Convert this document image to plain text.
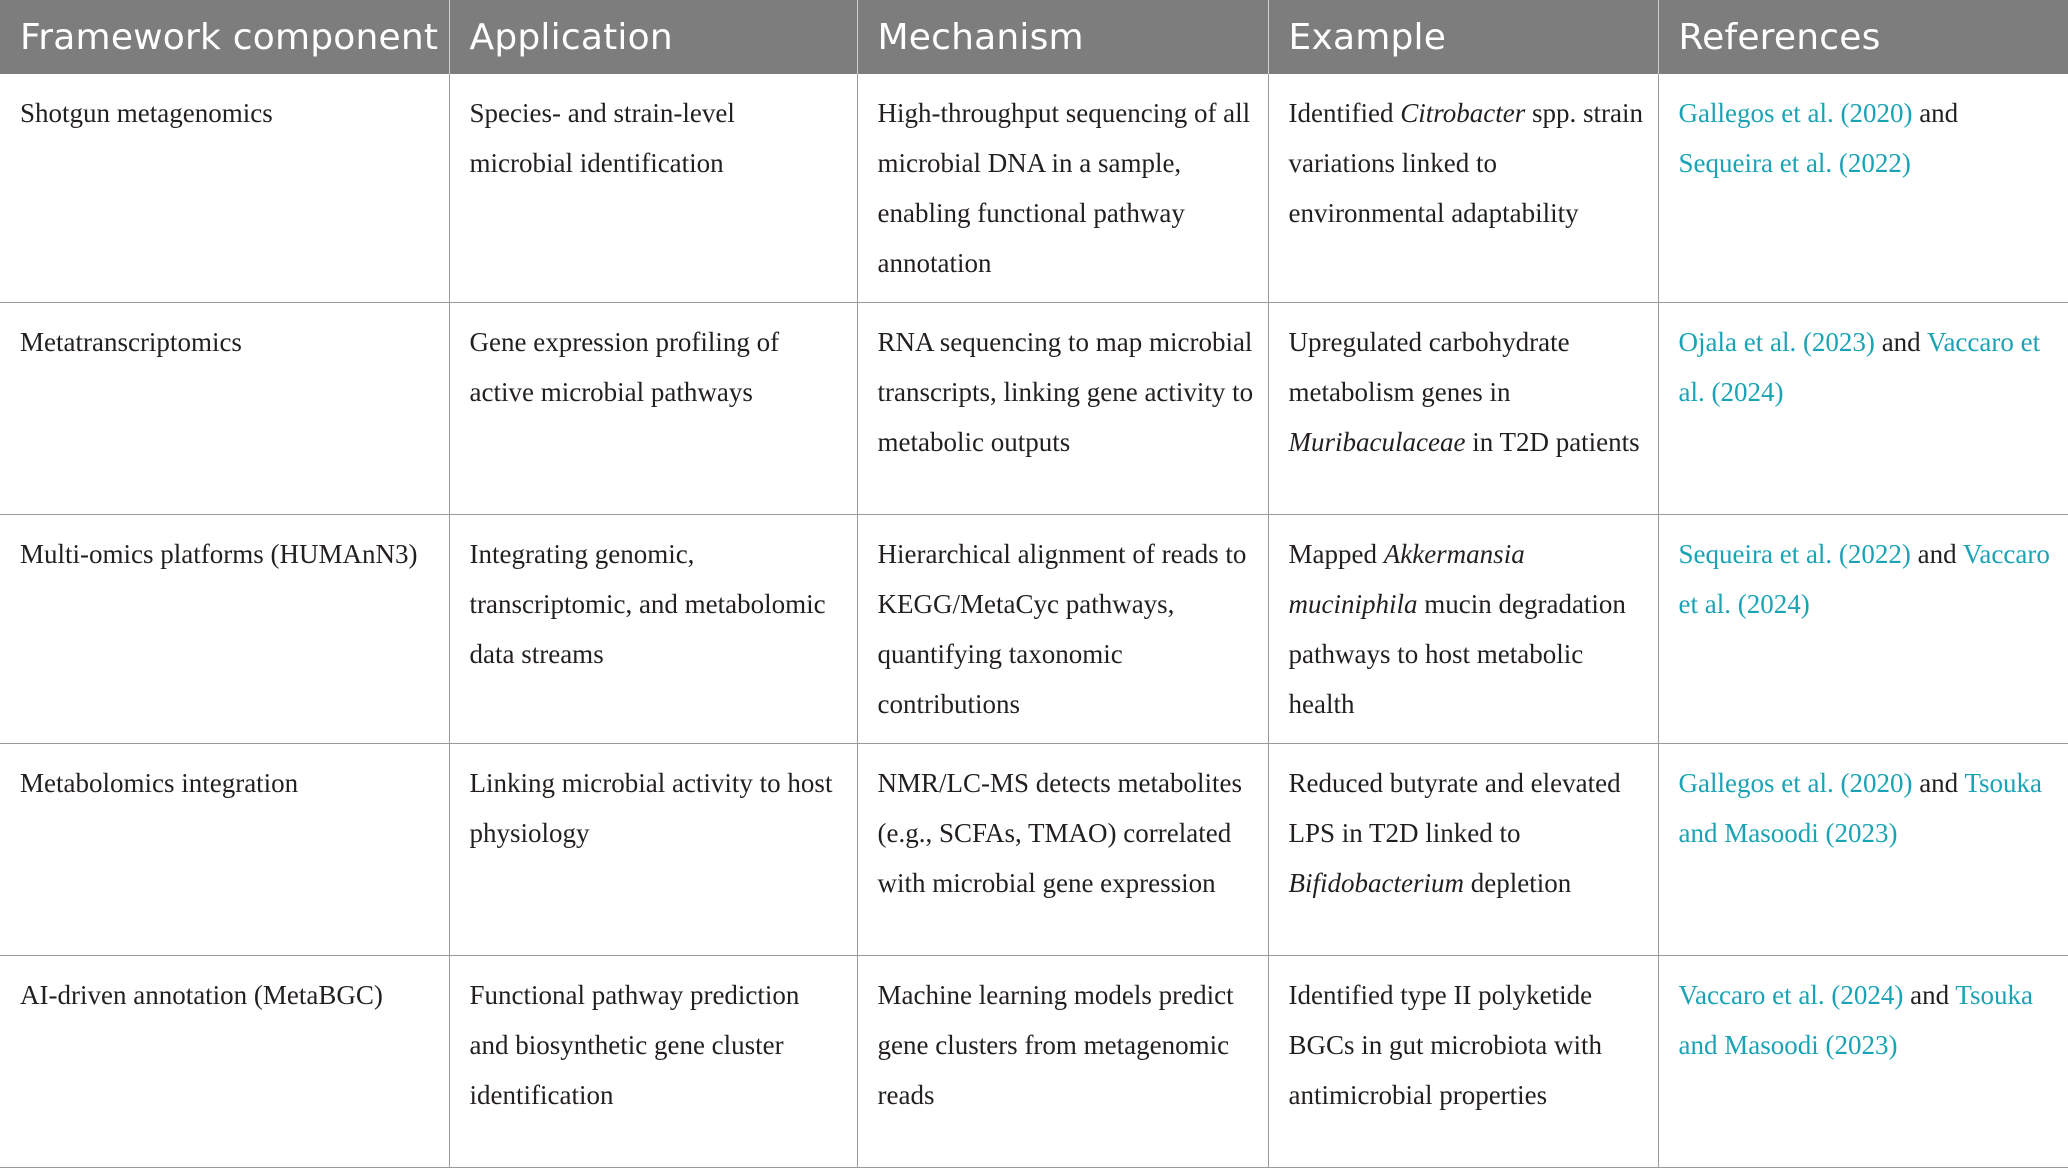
Framework component	Application	Mechanism	Example	References
Shotgun metagenomics	Species- and strain-level microbial identification	High-throughput sequencing of all microbial DNA in a sample, enabling functional pathway annotation	Identified Citrobacter spp. strain variations linked to environmental adaptability	Gallegos et al. (2020) and Sequeira et al. (2022)
Metatranscriptomics	Gene expression profiling of active microbial pathways	RNA sequencing to map microbial transcripts, linking gene activity to metabolic outputs	Upregulated carbohydrate metabolism genes in Muribaculaceae in T2D patients	Ojala et al. (2023) and Vaccaro et al. (2024)
Multi-omics platforms (HUMAnN3)	Integrating genomic, transcriptomic, and metabolomic data streams	Hierarchical alignment of reads to KEGG/MetaCyc pathways, quantifying taxonomic contributions	Mapped Akkermansia muciniphila mucin degradation pathways to host metabolic health	Sequeira et al. (2022) and Vaccaro et al. (2024)
Metabolomics integration	Linking microbial activity to host physiology	NMR/LC-MS detects metabolites (e.g., SCFAs, TMAO) correlated with microbial gene expression	Reduced butyrate and elevated LPS in T2D linked to Bifidobacterium depletion	Gallegos et al. (2020) and Tsouka and Masoodi (2023)
AI-driven annotation (MetaBGC)	Functional pathway prediction and biosynthetic gene cluster identification	Machine learning models predict gene clusters from metagenomic reads	Identified type II polyketide BGCs in gut microbiota with antimicrobial properties	Vaccaro et al. (2024) and Tsouka and Masoodi (2023)
